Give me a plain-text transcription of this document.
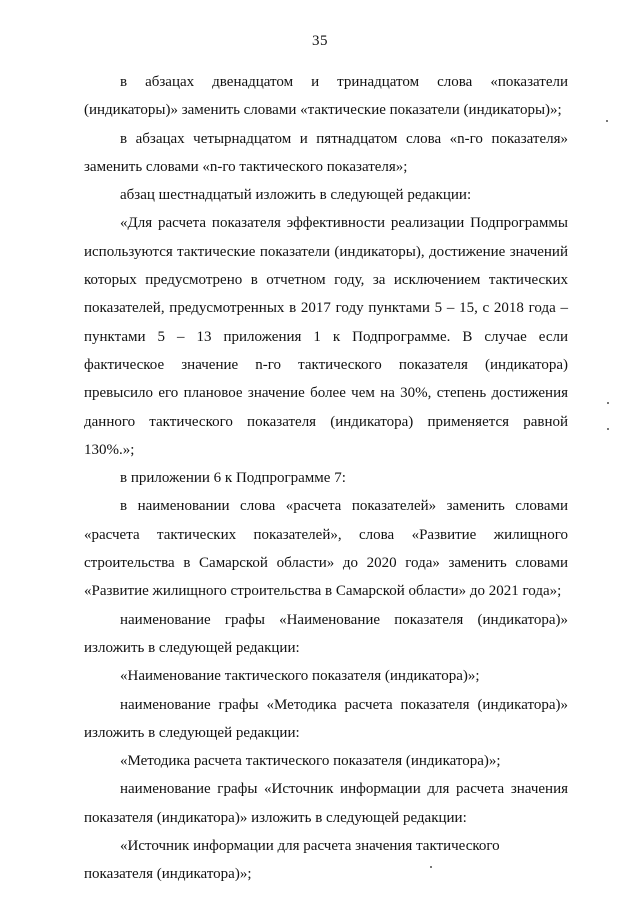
35

в абзацах двенадцатом и тринадцатом слова «показатели (индикаторы)» заменить словами «тактические показатели (индикаторы)»;

в абзацах четырнадцатом и пятнадцатом слова «n-го показателя» заменить словами «n-го тактического показателя»;

абзац шестнадцатый изложить в следующей редакции:

«Для расчета показателя эффективности реализации Подпрограммы используются тактические показатели (индикаторы), достижение значений которых предусмотрено в отчетном году, за исключением тактических показателей, предусмотренных в 2017 году пунктами 5 – 15, с 2018 года – пунктами 5 – 13 приложения 1 к Подпрограмме. В случае если фактическое значение n-го тактического показателя (индикатора) превысило его плановое значение более чем на 30%, степень достижения данного тактического показателя (индикатора) применяется равной 130%.»;

в приложении 6 к Подпрограмме 7:

в наименовании слова «расчета показателей» заменить словами «расчета тактических показателей», слова «Развитие жилищного строительства в Самарской области» до 2020 года» заменить словами «Развитие жилищного строительства в Самарской области» до 2021 года»;

наименование графы «Наименование показателя (индикатора)» изложить в следующей редакции:

«Наименование тактического показателя (индикатора)»;

наименование графы «Методика расчета показателя (индикатора)» изложить в следующей редакции:

«Методика расчета тактического показателя (индикатора)»;

наименование графы «Источник информации для расчета значения показателя (индикатора)» изложить в следующей редакции:

«Источник информации для расчета значения тактического показателя (индикатора)»;
